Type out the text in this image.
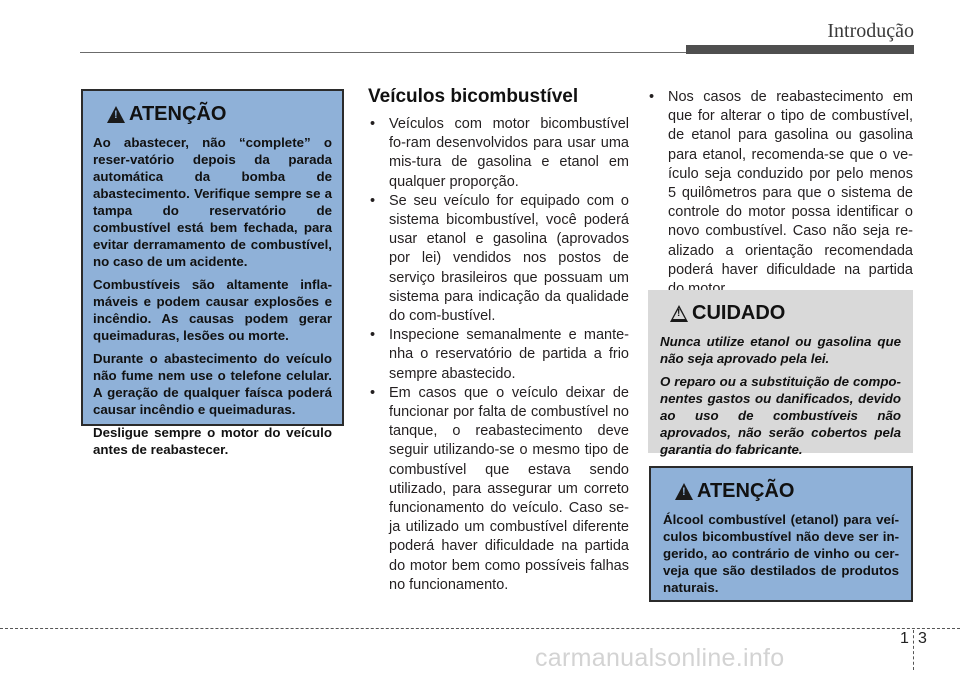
Introdução
!
ATENÇÃO

Ao abastecer, não “complete” o reser-vatório depois da parada automática da bomba de abastecimento. Verifique sempre se a tampa do reservatório de combustível está bem fechada, para evitar derramamento de combustível, no caso de um acidente.

Combustíveis são altamente infla-máveis e podem causar explosões e incêndio. As causas podem gerar queimaduras, lesões ou morte.

Durante o abastecimento do veículo não fume nem use o telefone celular. A geração de qualquer faísca poderá causar incêndio e queimaduras.

Desligue sempre o motor do veículo antes de reabastecer.

Veículos bicombustível
• Veículos com motor bicombustível fo-ram desenvolvidos para usar uma mis-tura de gasolina e etanol em qualquer proporção.
• Se seu veículo for equipado com o sistema bicombustível, você poderá usar etanol e gasolina (aprovados por lei) vendidos nos postos de serviço brasileiros que possuam um sistema para indicação da qualidade do com-bustível.
• Inspecione semanalmente e mante-nha o reservatório de partida a frio sempre abastecido.
• Em casos que o veículo deixar de funcionar por falta de combustível no tanque, o reabastecimento deve seguir utilizando-se o mesmo tipo de combustível que estava sendo utilizado, para assegurar um correto funcionamento do veículo. Caso se-ja utilizado um combustível diferente poderá haver dificuldade na partida do motor bem como possíveis falhas no funcionamento.
• Nos casos de reabastecimento em que for alterar o tipo de combustível, de etanol para gasolina ou gasolina para etanol, recomenda-se que o ve-ículo seja conduzido por pelo menos 5 quilômetros para que o sistema de controle do motor possa identificar o novo combustível. Caso não seja re-alizado a orientação recomendada poderá haver dificuldade na partida
!
CUIDADO

Nunca utilize etanol ou gasolina que não seja aprovado pela lei.

O reparo ou a substituição de compo-nentes gastos ou danificados, devido ao uso de combustíveis não aprovados, não serão cobertos pela garantia do fabricante.

!
ATENÇÃO

Álcool combustível (etanol) para veí-culos bicombustível não deve ser in-gerido, ao contrário de vinho ou cer-veja que são destilados de produtos naturais.

1 3
carmanualsonline.info
